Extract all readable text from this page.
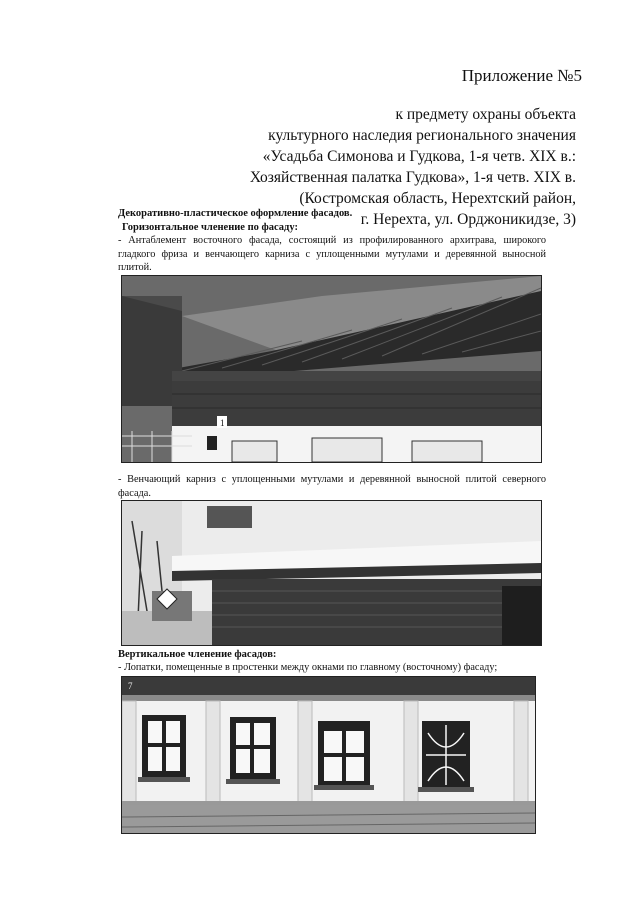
Приложение №5
к предмету охраны объекта
культурного наследия регионального значения
«Усадьба Симонова и Гудкова, 1-я четв. XIX в.:
Хозяйственная палатка Гудкова», 1-я четв. XIX в.
(Костромская область, Нерехтский район,
г. Нерехта, ул. Орджоникидзе, 3)
Декоративно-пластическое оформление фасадов.
Горизонтальное членение по фасаду:
- Антаблемент восточного фасада, состоящий из профилированного архитрава, широкого гладкого фриза и венчающего карниза с уплощенными мутулами и деревянной выносной плитой.
1
- Венчающий карниз с уплощенными мутулами и деревянной выносной плитой северного фасада.
Вертикальное членение фасадов:
- Лопатки, помещенные в простенки между окнами по главному (восточному) фасаду;
7
